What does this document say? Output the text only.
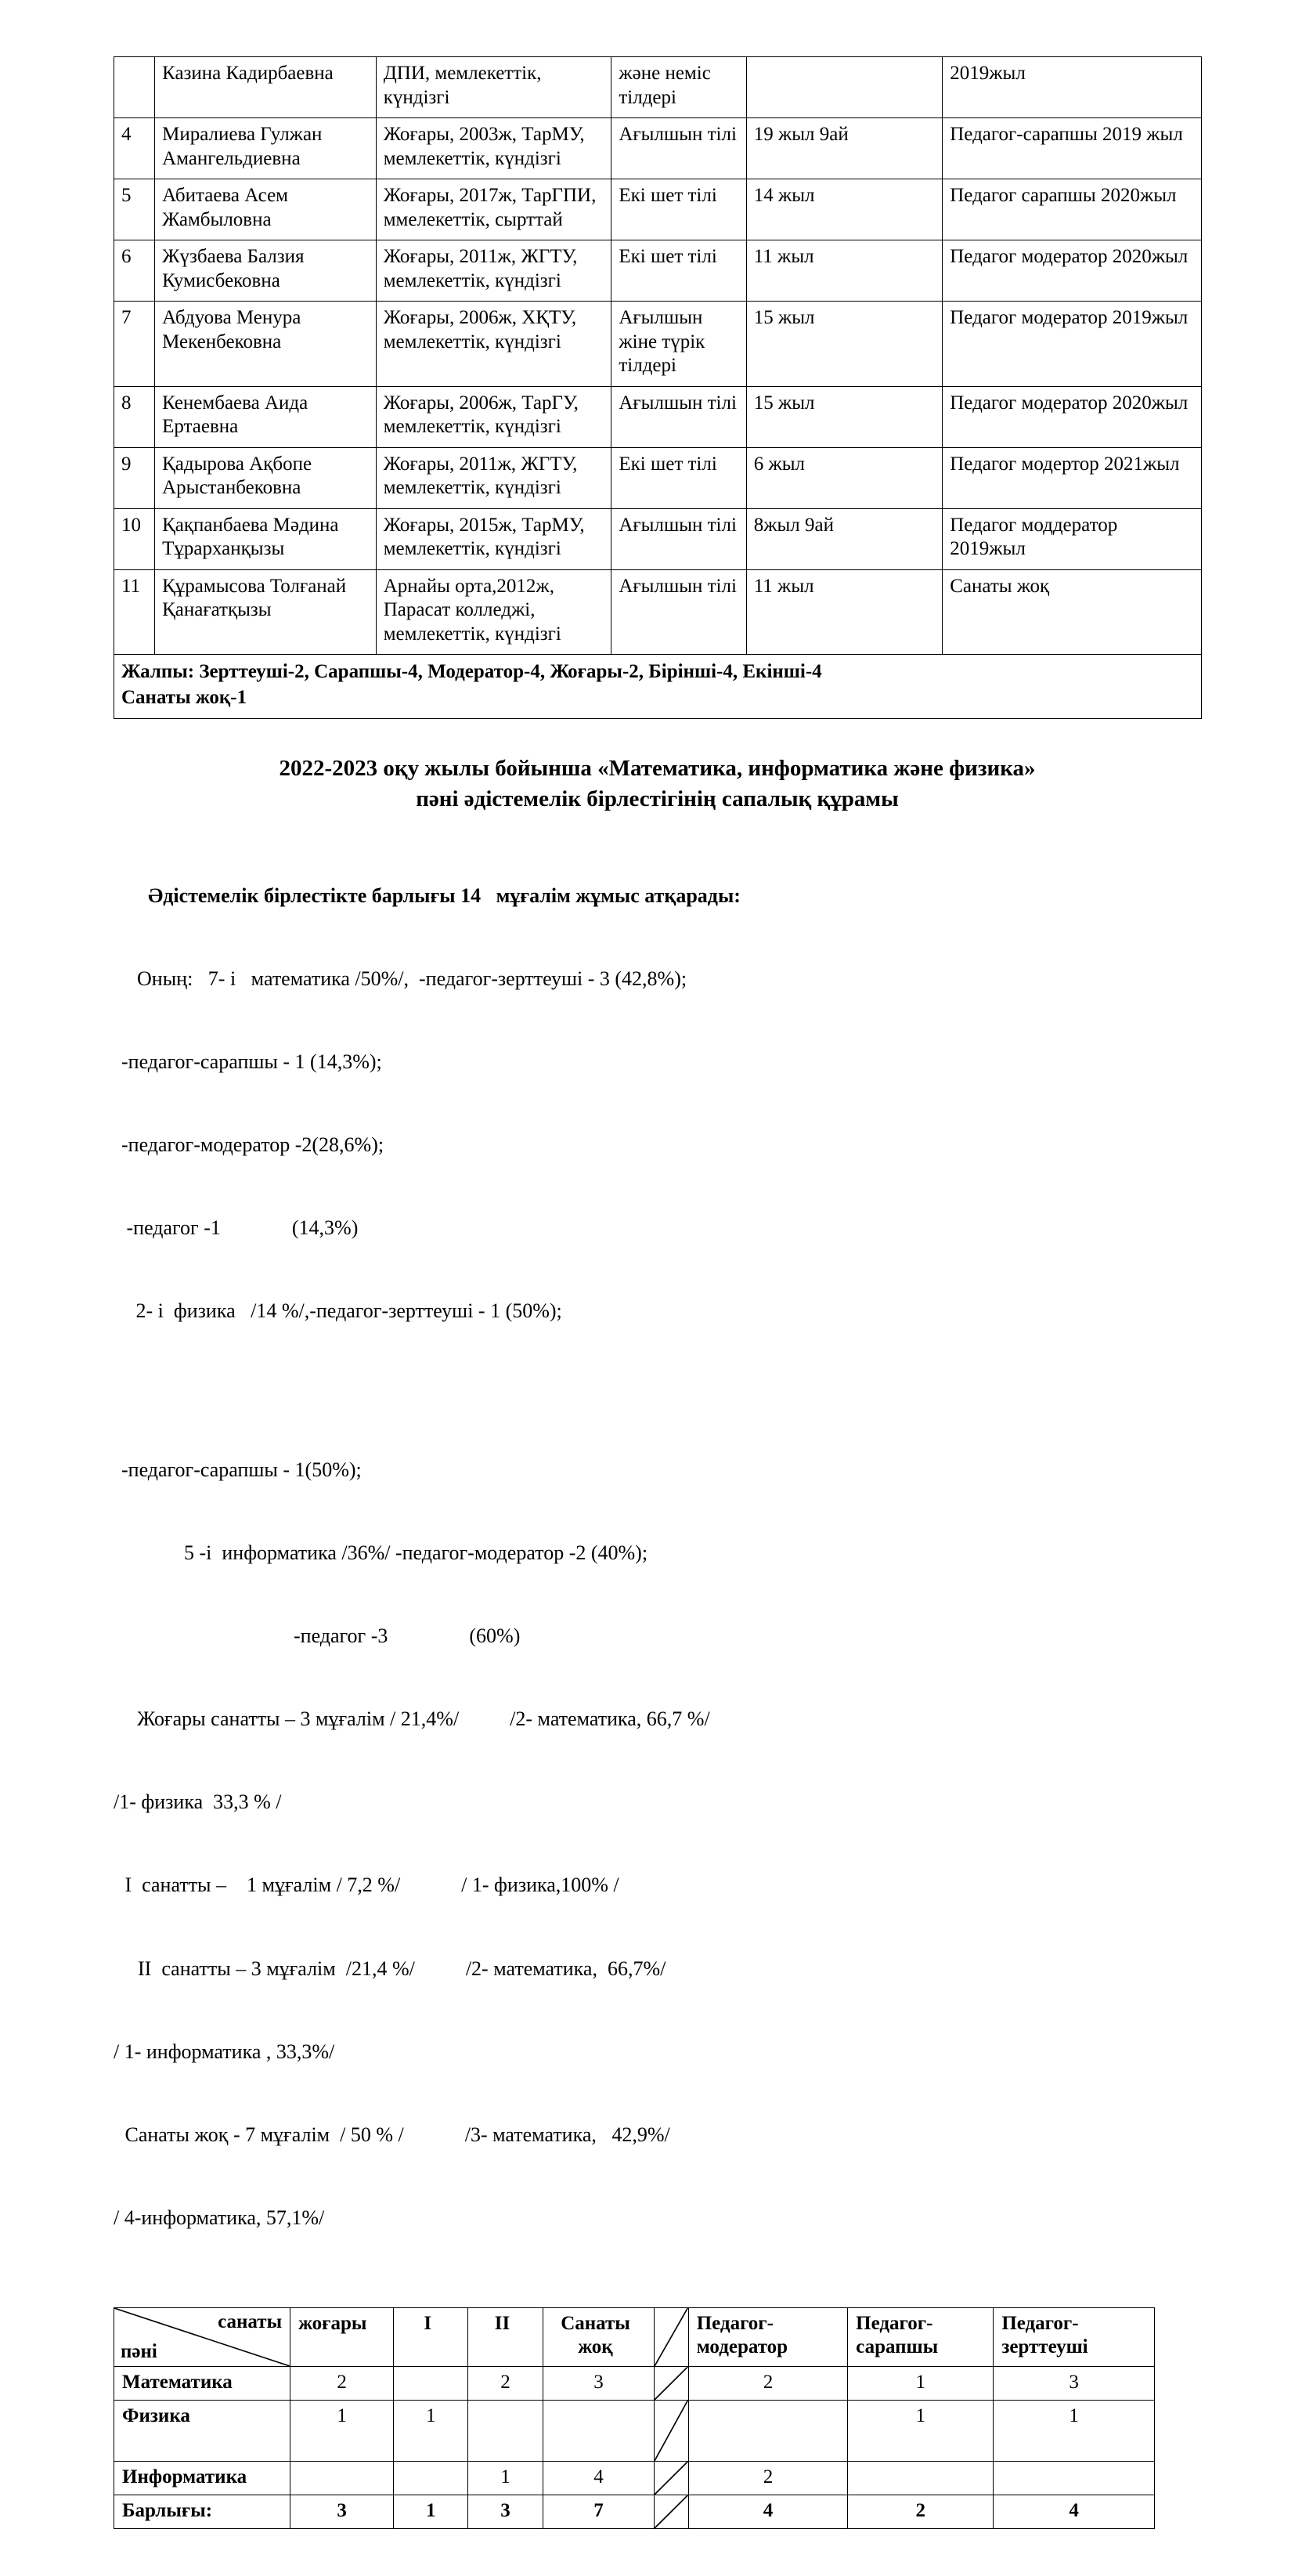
	Казина Кадирбаевна	ДПИ, мемлекеттік, күндізгі	және неміс тілдері		2019жыл
4	Миралиева Гулжан Амангельдиевна	Жоғары, 2003ж, ТарМУ, мемлекеттік, күндізгі	Ағылшын тілі	19 жыл 9ай	Педагог-сарапшы 2019 жыл
5	Абитаева Асем Жамбыловна	Жоғары, 2017ж, ТарГПИ, ммелекеттік, сырттай	Екі шет тілі	14 жыл	Педагог сарапшы 2020жыл
6	Жүзбаева Балзия Кумисбековна	Жоғары, 2011ж, ЖГТУ, мемлекеттік, күндізгі	Екі шет тілі	11 жыл	Педагог модератор 2020жыл
7	Абдуова Менура Мекенбековна	Жоғары, 2006ж, ХҚТУ, мемлекеттік, күндізгі	Ағылшын жіне түрік тілдері	15 жыл	Педагог модератор 2019жыл
8	Кенембаева Аида Ертаевна	Жоғары, 2006ж, ТарГУ, мемлекеттік, күндізгі	Ағылшын тілі	15 жыл	Педагог модератор 2020жыл
9	Қадырова Ақбопе Арыстанбековна	Жоғары, 2011ж, ЖГТУ, мемлекеттік, күндізгі	Екі шет тілі	6 жыл	Педагог модертор 2021жыл
10	Қақпанбаева Мәдина Тұрарханқызы	Жоғары, 2015ж, ТарМУ, мемлекеттік, күндізгі	Ағылшын тілі	8жыл 9ай	Педагог моддератор 2019жыл
11	Құрамысова Толғанай Қанағатқызы	Арнайы орта,2012ж, Парасат колледжі, мемлекеттік, күндізгі	Ағылшын тілі	11 жыл	Санаты жоқ
Жалпы: Зерттеуші-2, Сарапшы-4, Модератор-4, Жоғары-2, Бірінші-4, Екінші-4
Санаты жоқ-1					
2022-2023 оқу жылы бойынша «Математика, информатика және физика»
пәні әдістемелік бірлестігінің сапалық құрамы

Әдістемелік бірлестікте барлығы 14   мұғалім жұмыс атқарады:

Оның:   7- і   математика /50%/,  -педагог-зерттеуші - 3 (42,8%);

-педагог-сарапшы - 1 (14,3%);

-педагог-модератор -2(28,6%);

-педагог -1              (14,3%)

2- і  физика   /14 %/,-педагог-зерттеуші - 1 (50%);

-педагог-сарапшы - 1(50%);

5 -і  информатика /36%/ -педагог-модератор -2 (40%);

-педагог -3                (60%)

Жоғары санатты – 3 мұғалім / 21,4%/          /2- математика, 66,7 %/

/1- физика  33,3 % /

І  санатты –    1 мұғалім / 7,2 %/            / 1- физика,100% /

ІІ  санатты – 3 мұғалім  /21,4 %/          /2- математика,  66,7%/

/ 1- информатика , 33,3%/

Санаты жоқ - 7 мұғалім  / 50 % /            /3- математика,   42,9%/

/ 4-информатика, 57,1%/

санаты
пәні	жоғары	І	ІІ	Санаты жоқ		Педагог-модератор	Педагог-сарапшы	Педагог-зерттеуші
Математика	2		2	3		2	1	3
Физика	1	1					1	1
Информатика			1	4		2		
Барлығы:	3	1	3	7		4	2	4
